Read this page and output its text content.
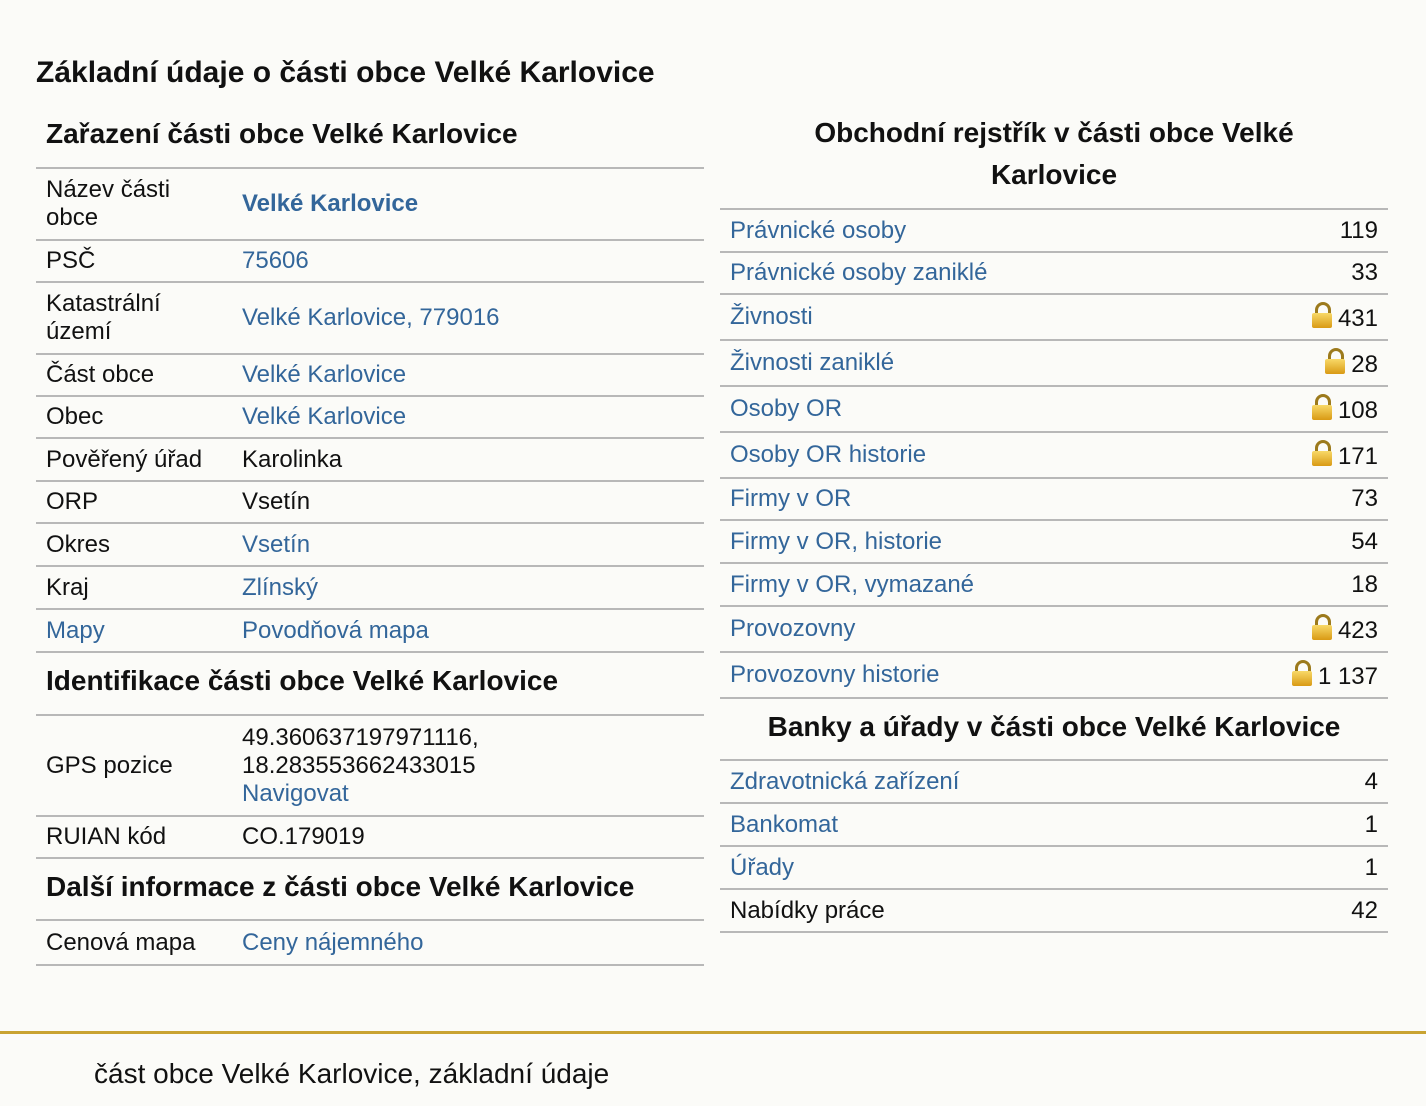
Základní údaje o části obce Velké Karlovice
Zařazení části obce Velké Karlovice
Název části obce	Velké Karlovice
PSČ	75606
Katastrální území	Velké Karlovice, 779016
Část obce	Velké Karlovice
Obec	Velké Karlovice
Pověřený úřad	Karolinka
ORP	Vsetín
Okres	Vsetín
Kraj	Zlínský
Mapy	Povodňová mapa
Identifikace části obce Velké Karlovice
GPS pozice	49.360637197971116,
18.283553662433015
Navigovat
RUIAN kód	CO.179019
Další informace z části obce Velké Karlovice
Cenová mapa	Ceny nájemného
Obchodní rejstřík v části obce Velké Karlovice
Právnické osoby	119
Právnické osoby zaniklé	33
Živnosti	431
Živnosti zaniklé	28
Osoby OR	108
Osoby OR historie	171
Firmy v OR	73
Firmy v OR, historie	54
Firmy v OR, vymazané	18
Provozovny	423
Provozovny historie	1 137
Banky a úřady v části obce Velké Karlovice
Zdravotnická zařízení	4
Bankomat	1
Úřady	1
Nabídky práce	42
část obce Velké Karlovice, základní údaje
